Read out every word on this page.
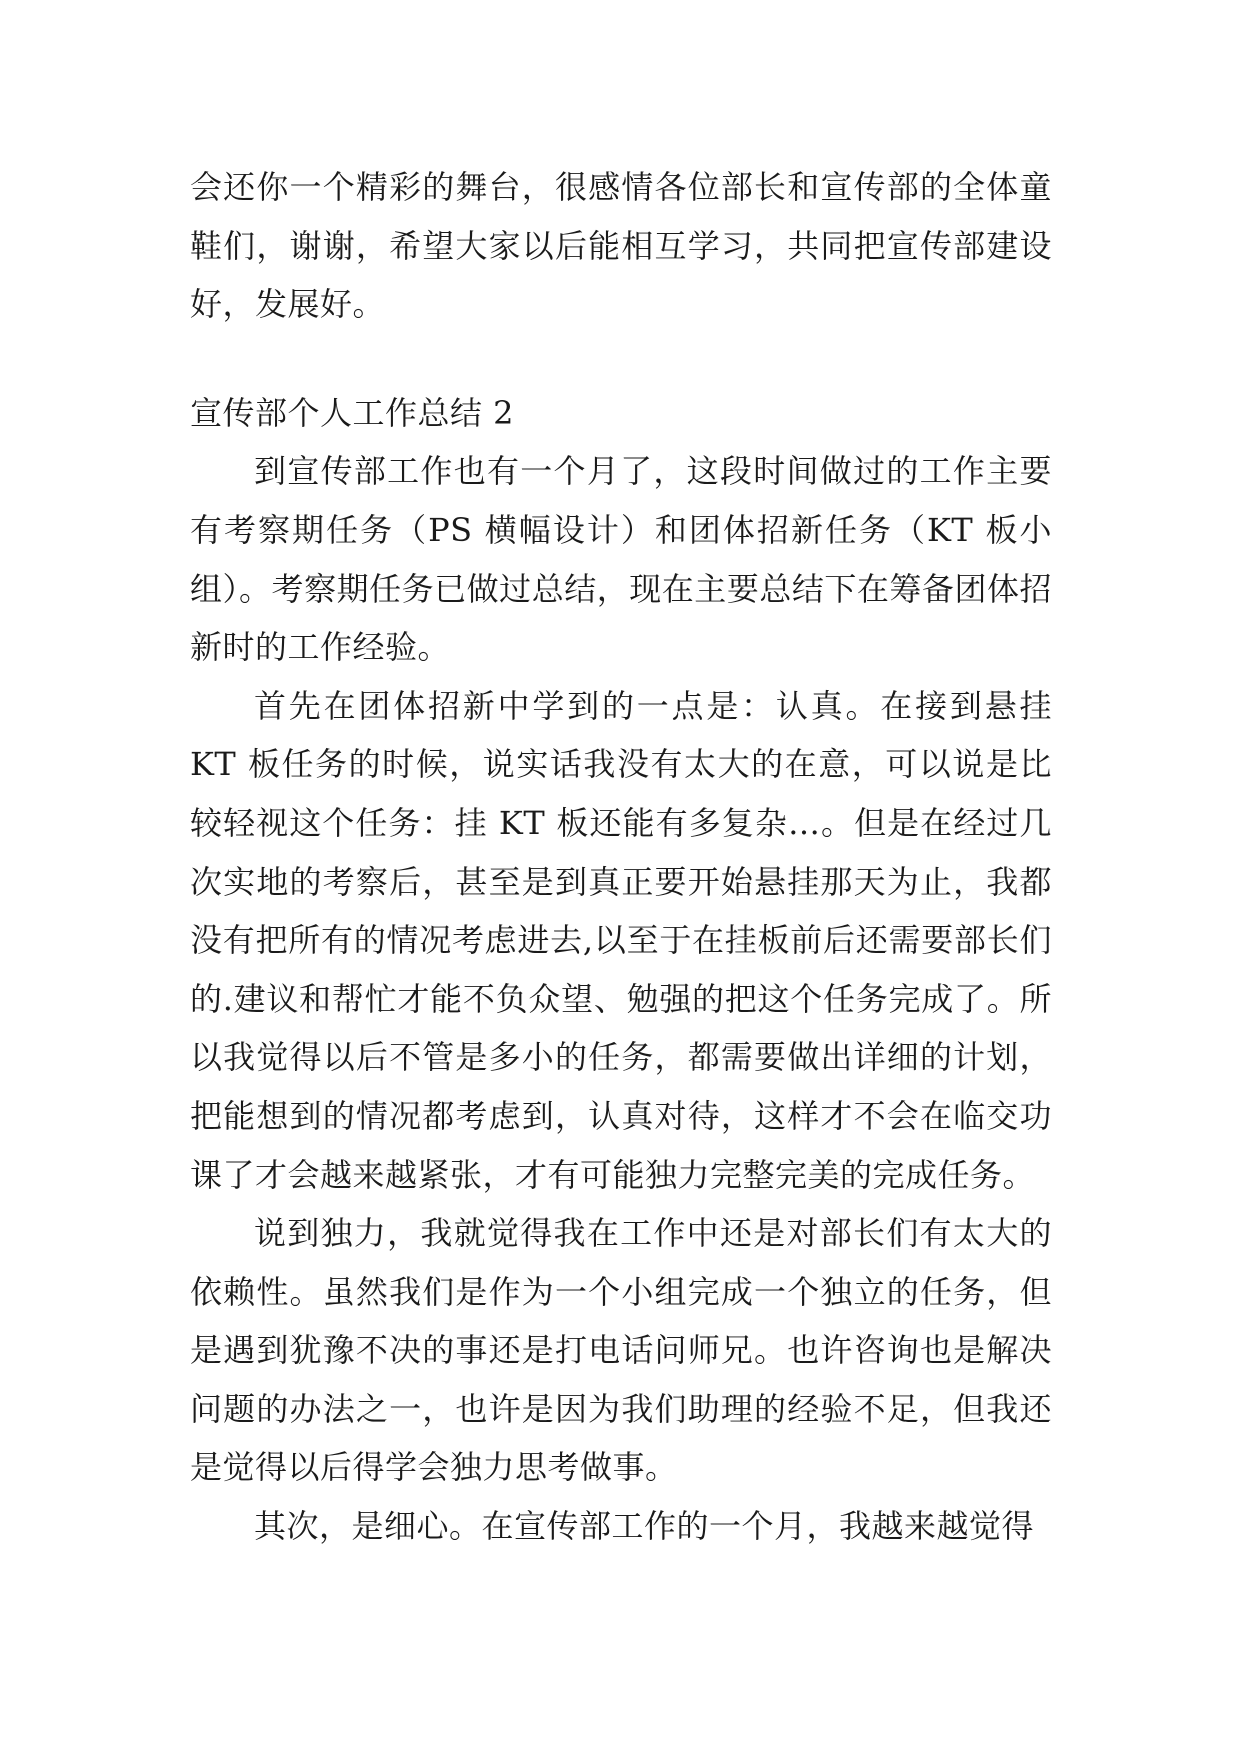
会还你一个精彩的舞台，很感情各位部长和宣传部的全体童鞋们，谢谢，希望大家以后能相互学习，共同把宣传部建设好，发展好。

宣传部个人工作总结 2

到宣传部工作也有一个月了，这段时间做过的工作主要有考察期任务（PS 横幅设计）和团体招新任务（KT 板小组）。考察期任务已做过总结，现在主要总结下在筹备团体招新时的工作经验。

首先在团体招新中学到的一点是：认真。在接到悬挂 KT 板任务的时候，说实话我没有太大的在意，可以说是比较轻视这个任务：挂 KT 板还能有多复杂…。但是在经过几次实地的考察后，甚至是到真正要开始悬挂那天为止，我都没有把所有的情况考虑进去,以至于在挂板前后还需要部长们的.建议和帮忙才能不负众望、勉强的把这个任务完成了。所以我觉得以后不管是多小的任务，都需要做出详细的计划，把能想到的情况都考虑到，认真对待，这样才不会在临交功课了才会越来越紧张，才有可能独力完整完美的完成任务。

说到独力，我就觉得我在工作中还是对部长们有太大的依赖性。虽然我们是作为一个小组完成一个独立的任务，但是遇到犹豫不决的事还是打电话问师兄。也许咨询也是解决问题的办法之一，也许是因为我们助理的经验不足，但我还是觉得以后得学会独力思考做事。

其次，是细心。在宣传部工作的一个月，我越来越觉得
